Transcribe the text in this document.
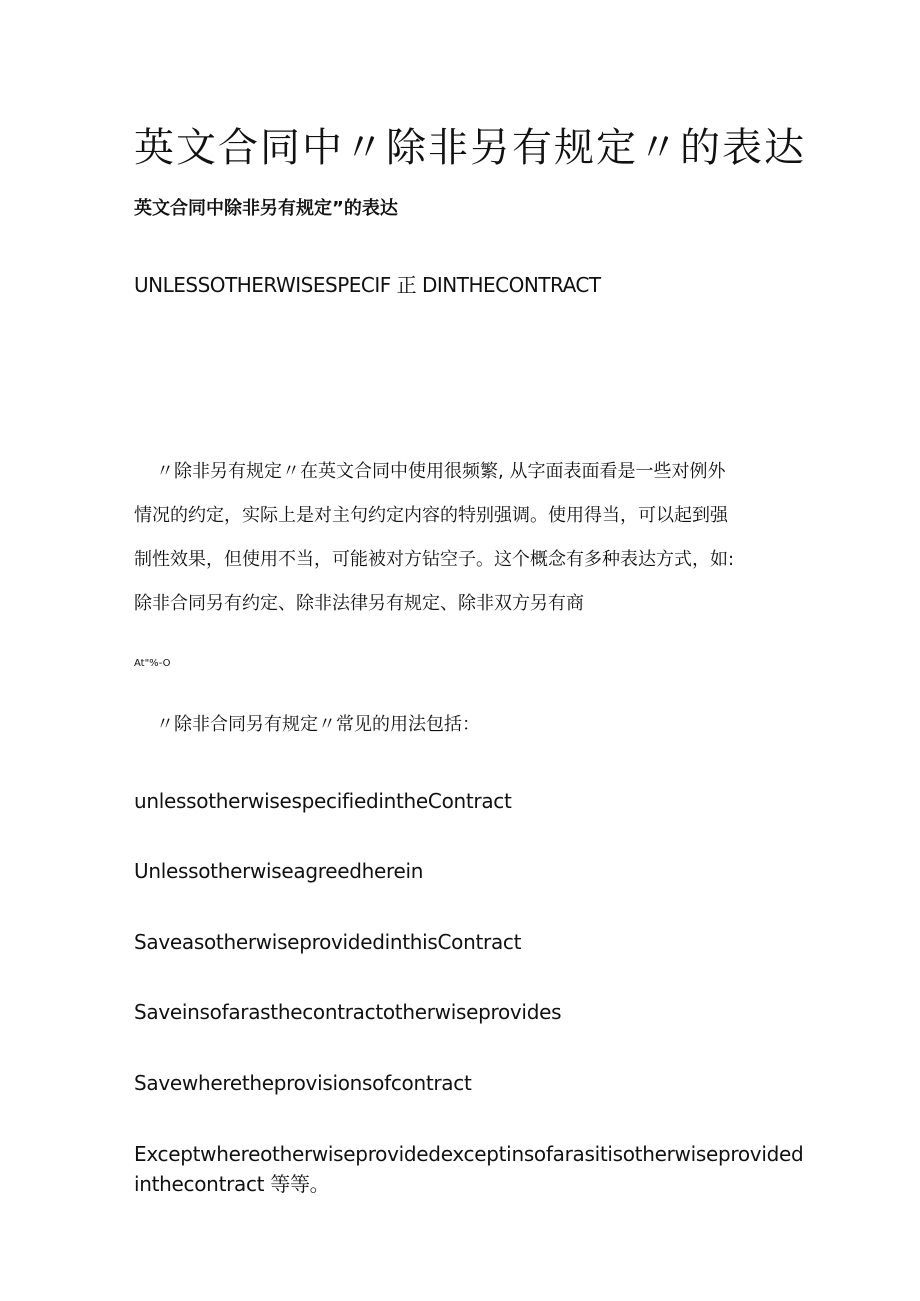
英文合同中〃除非另有规定〃的表达
英文合同中除非另有规定”的表达
UNLESSOTHERWISESPECIF 正 DINTHECONTRACT
〃除非另有规定〃在英文合同中使用很频繁, 从字面表面看是一些对例外
情况的约定，实际上是对主句约定内容的特别强调。使用得当，可以起到强
制性效果，但使用不当，可能被对方钻空子。这个概念有多种表达方式，如:
除非合同另有约定、除非法律另有规定、除非双方另有商
At"%-O
〃除非合同另有规定〃常见的用法包括：
unlessotherwisespecifiedintheContract
Unlessotherwiseagreedherein
SaveasotherwiseprovidedinthisContract
Saveinsofarasthecontractotherwiseprovides
Savewheretheprovisionsofcontract
Exceptwhereotherwiseprovidedexceptinsofarasitisotherwiseprovided
inthecontract 等等。
